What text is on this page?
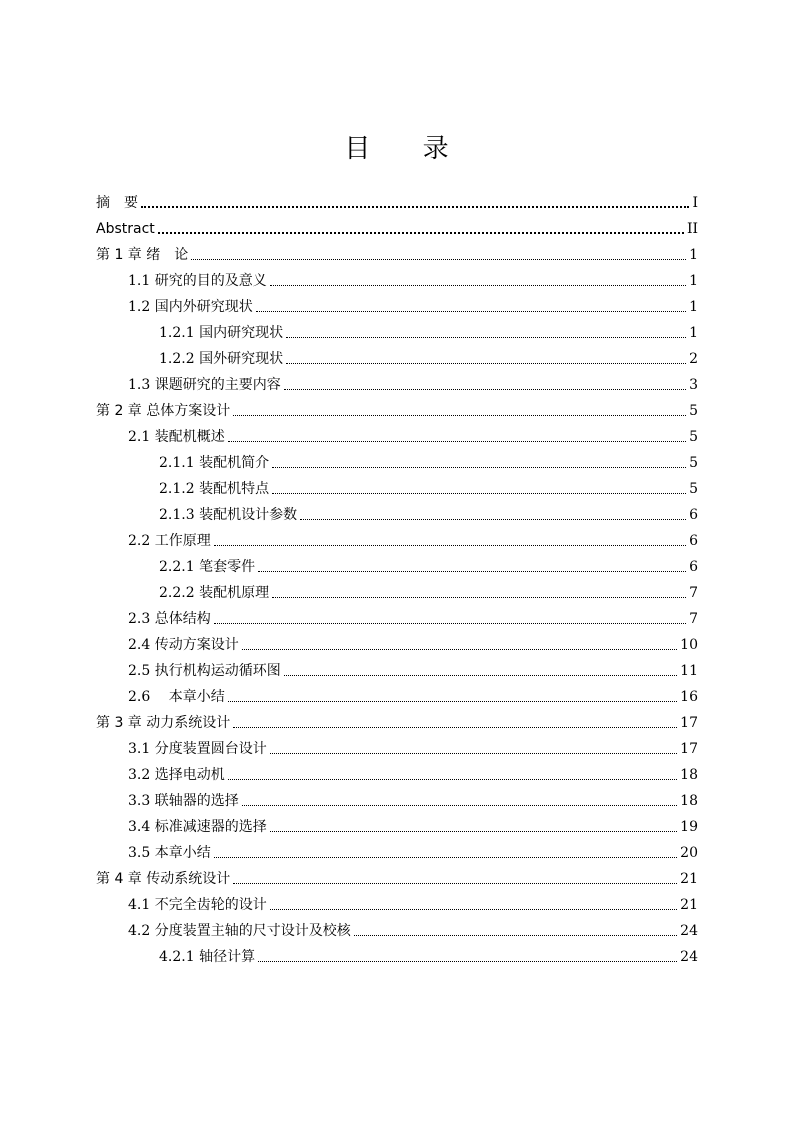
目 录
摘　要	I
Abstract	II
第 1 章 绪　论	1
1.1 研究的目的及意义	1
1.2 国内外研究现状	1
1.2.1 国内研究现状	1
1.2.2 国外研究现状	2
1.3 课题研究的主要内容	3
第 2 章 总体方案设计	5
2.1 装配机概述	5
2.1.1 装配机简介	5
2.1.2 装配机特点	5
2.1.3 装配机设计参数	6
2.2 工作原理	6
2.2.1 笔套零件	6
2.2.2 装配机原理	7
2.3 总体结构	7
2.4 传动方案设计	10
2.5 执行机构运动循环图	11
2.6　 本章小结	16
第 3 章 动力系统设计	17
3.1 分度装置圆台设计	17
3.2 选择电动机	18
3.3 联轴器的选择	18
3.4 标准减速器的选择	19
3.5 本章小结	20
第 4 章 传动系统设计	21
4.1 不完全齿轮的设计	21
4.2 分度装置主轴的尺寸设计及校核	24
4.2.1 轴径计算	24
